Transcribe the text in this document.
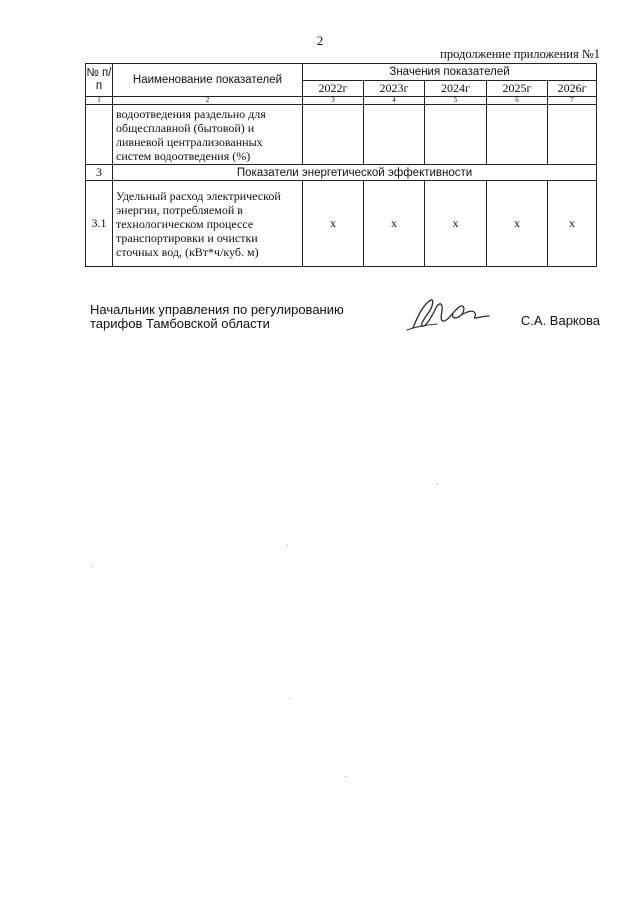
2
продолжение приложения №1
№ п/п	Наименование показателей	Значения показателей				
		2022г	2023г	2024г	2025г	2026г
1	2	3	4	5	6	7
	водоотведения раздельно для общесплавной (бытовой) и ливневой централизованных систем водоотведения (%)					
3	Показатели энергетической эффективности					
3.1	Удельный расход электрической энергии, потребляемой в технологическом процессе транспортировки и очистки сточных вод, (кВт*ч/куб. м)	x	x	x	x	x
Начальник управления по регулированию
тарифов Тамбовской области	С.А. Варкова
